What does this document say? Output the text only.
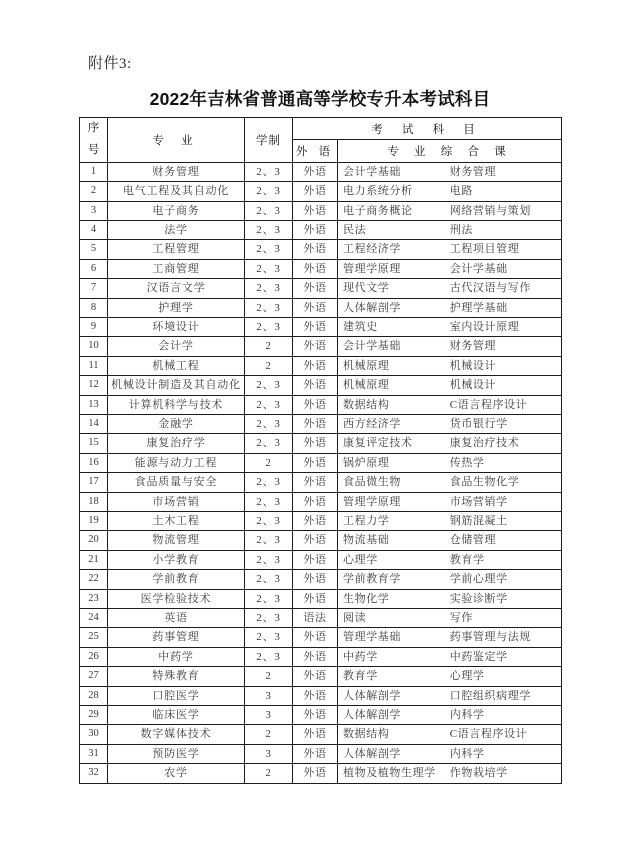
附件3:
2022年吉林省普通高等学校专升本考试科目
序
号	专 业	学制	考 试 科 目	
			外 语	专 业 综 合 课
1	财务管理	2、3	外语	会计学基础 财务管理

2	电气工程及其自动化	2、3	外语	电力系统分析 电路

3	电子商务	2、3	外语	电子商务概论 网络营销与策划

4	法学	2、3	外语	民法 刑法

5	工程管理	2、3	外语	工程经济学 工程项目管理

6	工商管理	2、3	外语	管理学原理 会计学基础

7	汉语言文学	2、3	外语	现代文学 古代汉语与写作

8	护理学	2、3	外语	人体解剖学 护理学基础

9	环境设计	2、3	外语	建筑史 室内设计原理

10	会计学	2	外语	会计学基础 财务管理

11	机械工程	2	外语	机械原理 机械设计

12	机械设计制造及其自动化	2、3	外语	机械原理 机械设计

13	计算机科学与技术	2、3	外语	数据结构 C语言程序设计

14	金融学	2、3	外语	西方经济学 货币银行学

15	康复治疗学	2、3	外语	康复评定技术 康复治疗技术

16	能源与动力工程	2	外语	锅炉原理 传热学

17	食品质量与安全	2、3	外语	食品微生物 食品生物化学

18	市场营销	2、3	外语	管理学原理 市场营销学

19	土木工程	2、3	外语	工程力学 钢筋混凝土

20	物流管理	2、3	外语	物流基础 仓储管理

21	小学教育	2、3	外语	心理学 教育学

22	学前教育	2、3	外语	学前教育学 学前心理学

23	医学检验技术	2、3	外语	生物化学 实验诊断学

24	英语	2、3	语法	阅读 写作

25	药事管理	2、3	外语	管理学基础 药事管理与法规

26	中药学	2、3	外语	中药学 中药鉴定学

27	特殊教育	2	外语	教育学 心理学

28	口腔医学	3	外语	人体解剖学 口腔组织病理学

29	临床医学	3	外语	人体解剖学 内科学

30	数字媒体技术	2	外语	数据结构 C语言程序设计

31	预防医学	3	外语	人体解剖学 内科学

32	农学	2	外语	植物及植物生理学 作物栽培学
